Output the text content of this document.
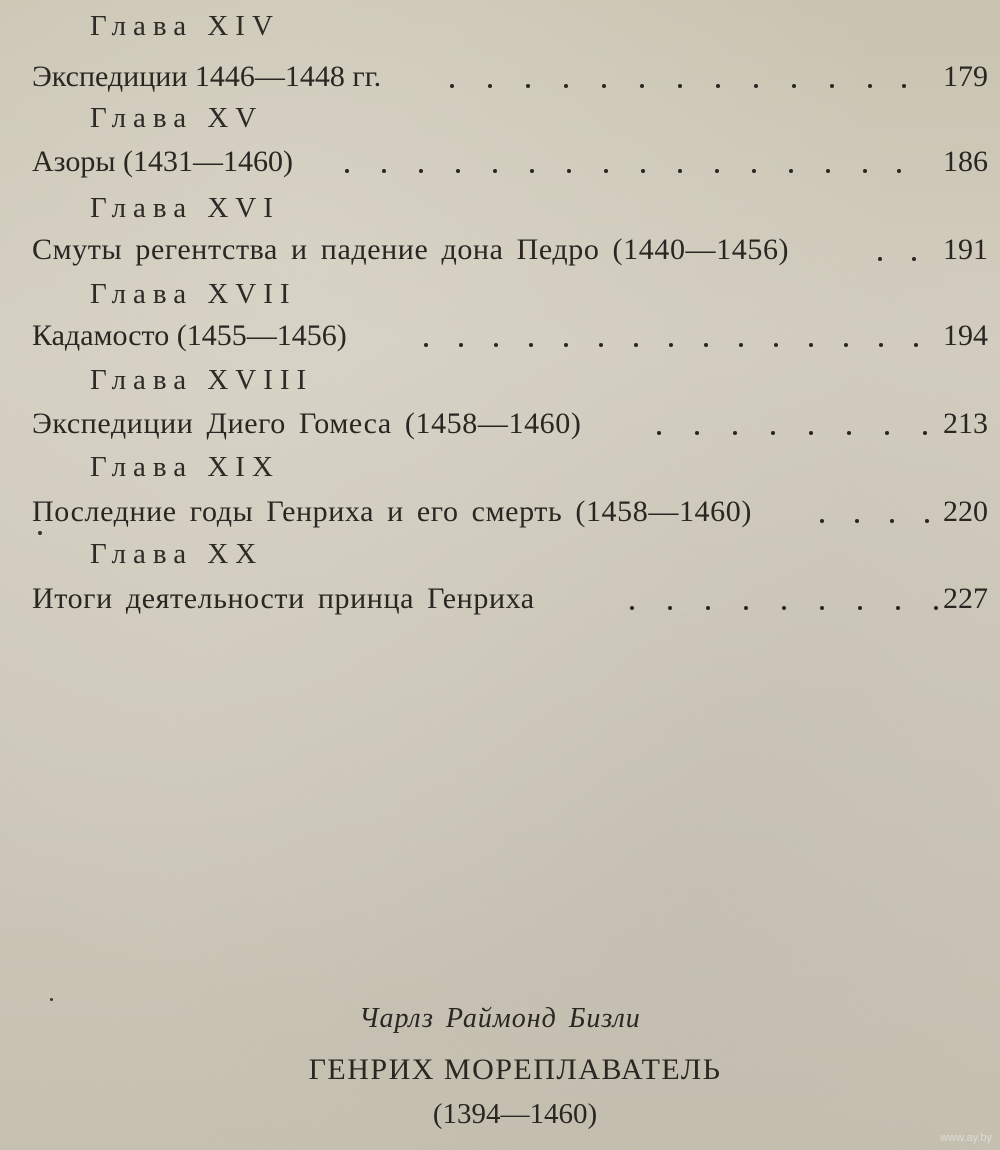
Глава XIV
Экспедиции 1446—1448 гг.	179
Глава XV
Азоры (1431—1460)	186
Глава XVI
Смуты регентства и падение дона Педро (1440—1456)	191
Глава XVII
Кадамосто (1455—1456)	194
Глава XVIII
Экспедиции Диего Гомеса (1458—1460)	213
Глава XIX
Последние годы Генриха и его смерть (1458—1460)	220
Глава XX
Итоги деятельности принца Генриха	227
Чарлз Раймонд Бизли
ГЕНРИХ МОРЕПЛАВАТЕЛЬ
(1394—1460)
www.ay.by
